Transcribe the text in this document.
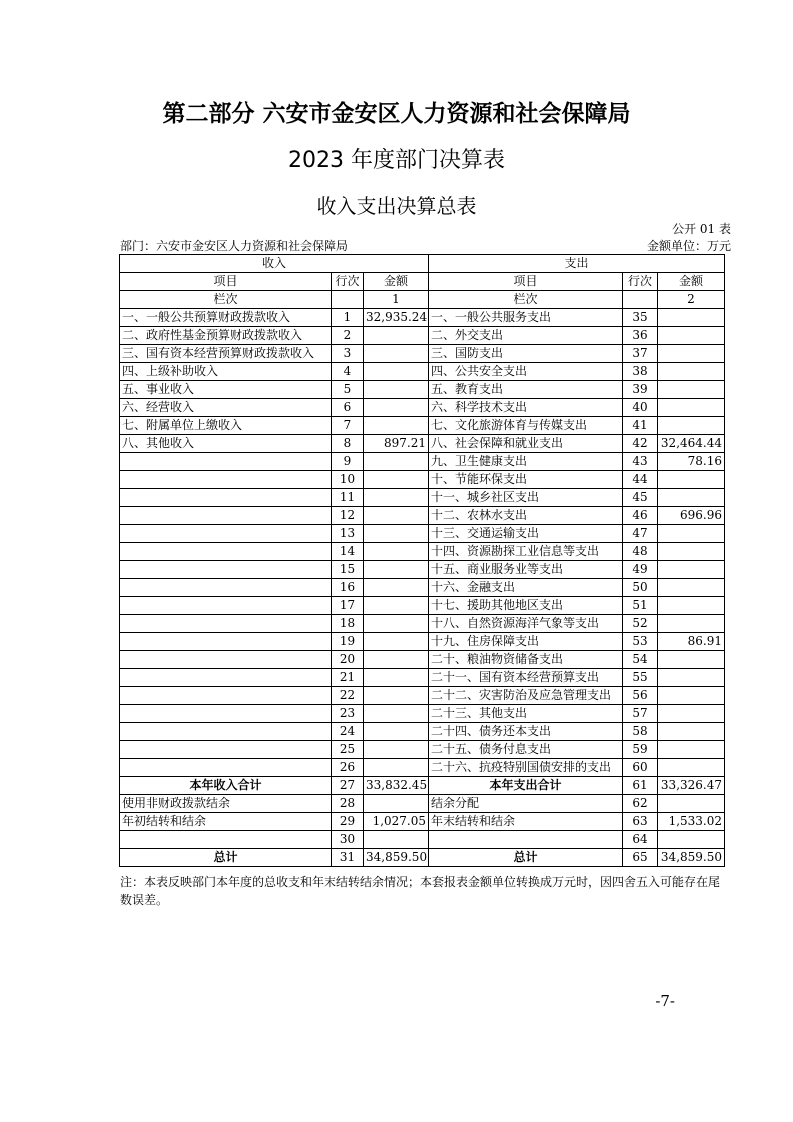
第二部分 六安市金安区人力资源和社会保障局
2023 年度部门决算表
收入支出决算总表
公开 01 表
部门：六安市金安区人力资源和社会保障局	金额单位：万元
收入			支出		
项目	行次	金额	项目	行次	金额
栏次		1	栏次		2
一、一般公共预算财政拨款收入	1	32,935.24	一、一般公共服务支出	35	
二、政府性基金预算财政拨款收入	2		二、外交支出	36	
三、国有资本经营预算财政拨款收入	3		三、国防支出	37	
四、上级补助收入	4		四、公共安全支出	38	
五、事业收入	5		五、教育支出	39	
六、经营收入	6		六、科学技术支出	40	
七、附属单位上缴收入	7		七、文化旅游体育与传媒支出	41	
八、其他收入	8	897.21	八、社会保障和就业支出	42	32,464.44
	9		九、卫生健康支出	43	78.16
	10		十、节能环保支出	44	
	11		十一、城乡社区支出	45	
	12		十二、农林水支出	46	696.96
	13		十三、交通运输支出	47	
	14		十四、资源勘探工业信息等支出	48	
	15		十五、商业服务业等支出	49	
	16		十六、金融支出	50	
	17		十七、援助其他地区支出	51	
	18		十八、自然资源海洋气象等支出	52	
	19		十九、住房保障支出	53	86.91
	20		二十、粮油物资储备支出	54	
	21		二十一、国有资本经营预算支出	55	
	22		二十二、灾害防治及应急管理支出	56	
	23		二十三、其他支出	57	
	24		二十四、债务还本支出	58	
	25		二十五、债务付息支出	59	
	26		二十六、抗疫特别国债安排的支出	60	
本年收入合计	27	33,832.45	本年支出合计	61	33,326.47
使用非财政拨款结余	28		结余分配	62	
年初结转和结余	29	1,027.05	年末结转和结余	63	1,533.02
	30			64	
总计	31	34,859.50	总计	65	34,859.50
注：本表反映部门本年度的总收支和年末结转结余情况；本套报表金额单位转换成万元时，因四舍五入可能存在尾数误差。
-7-
